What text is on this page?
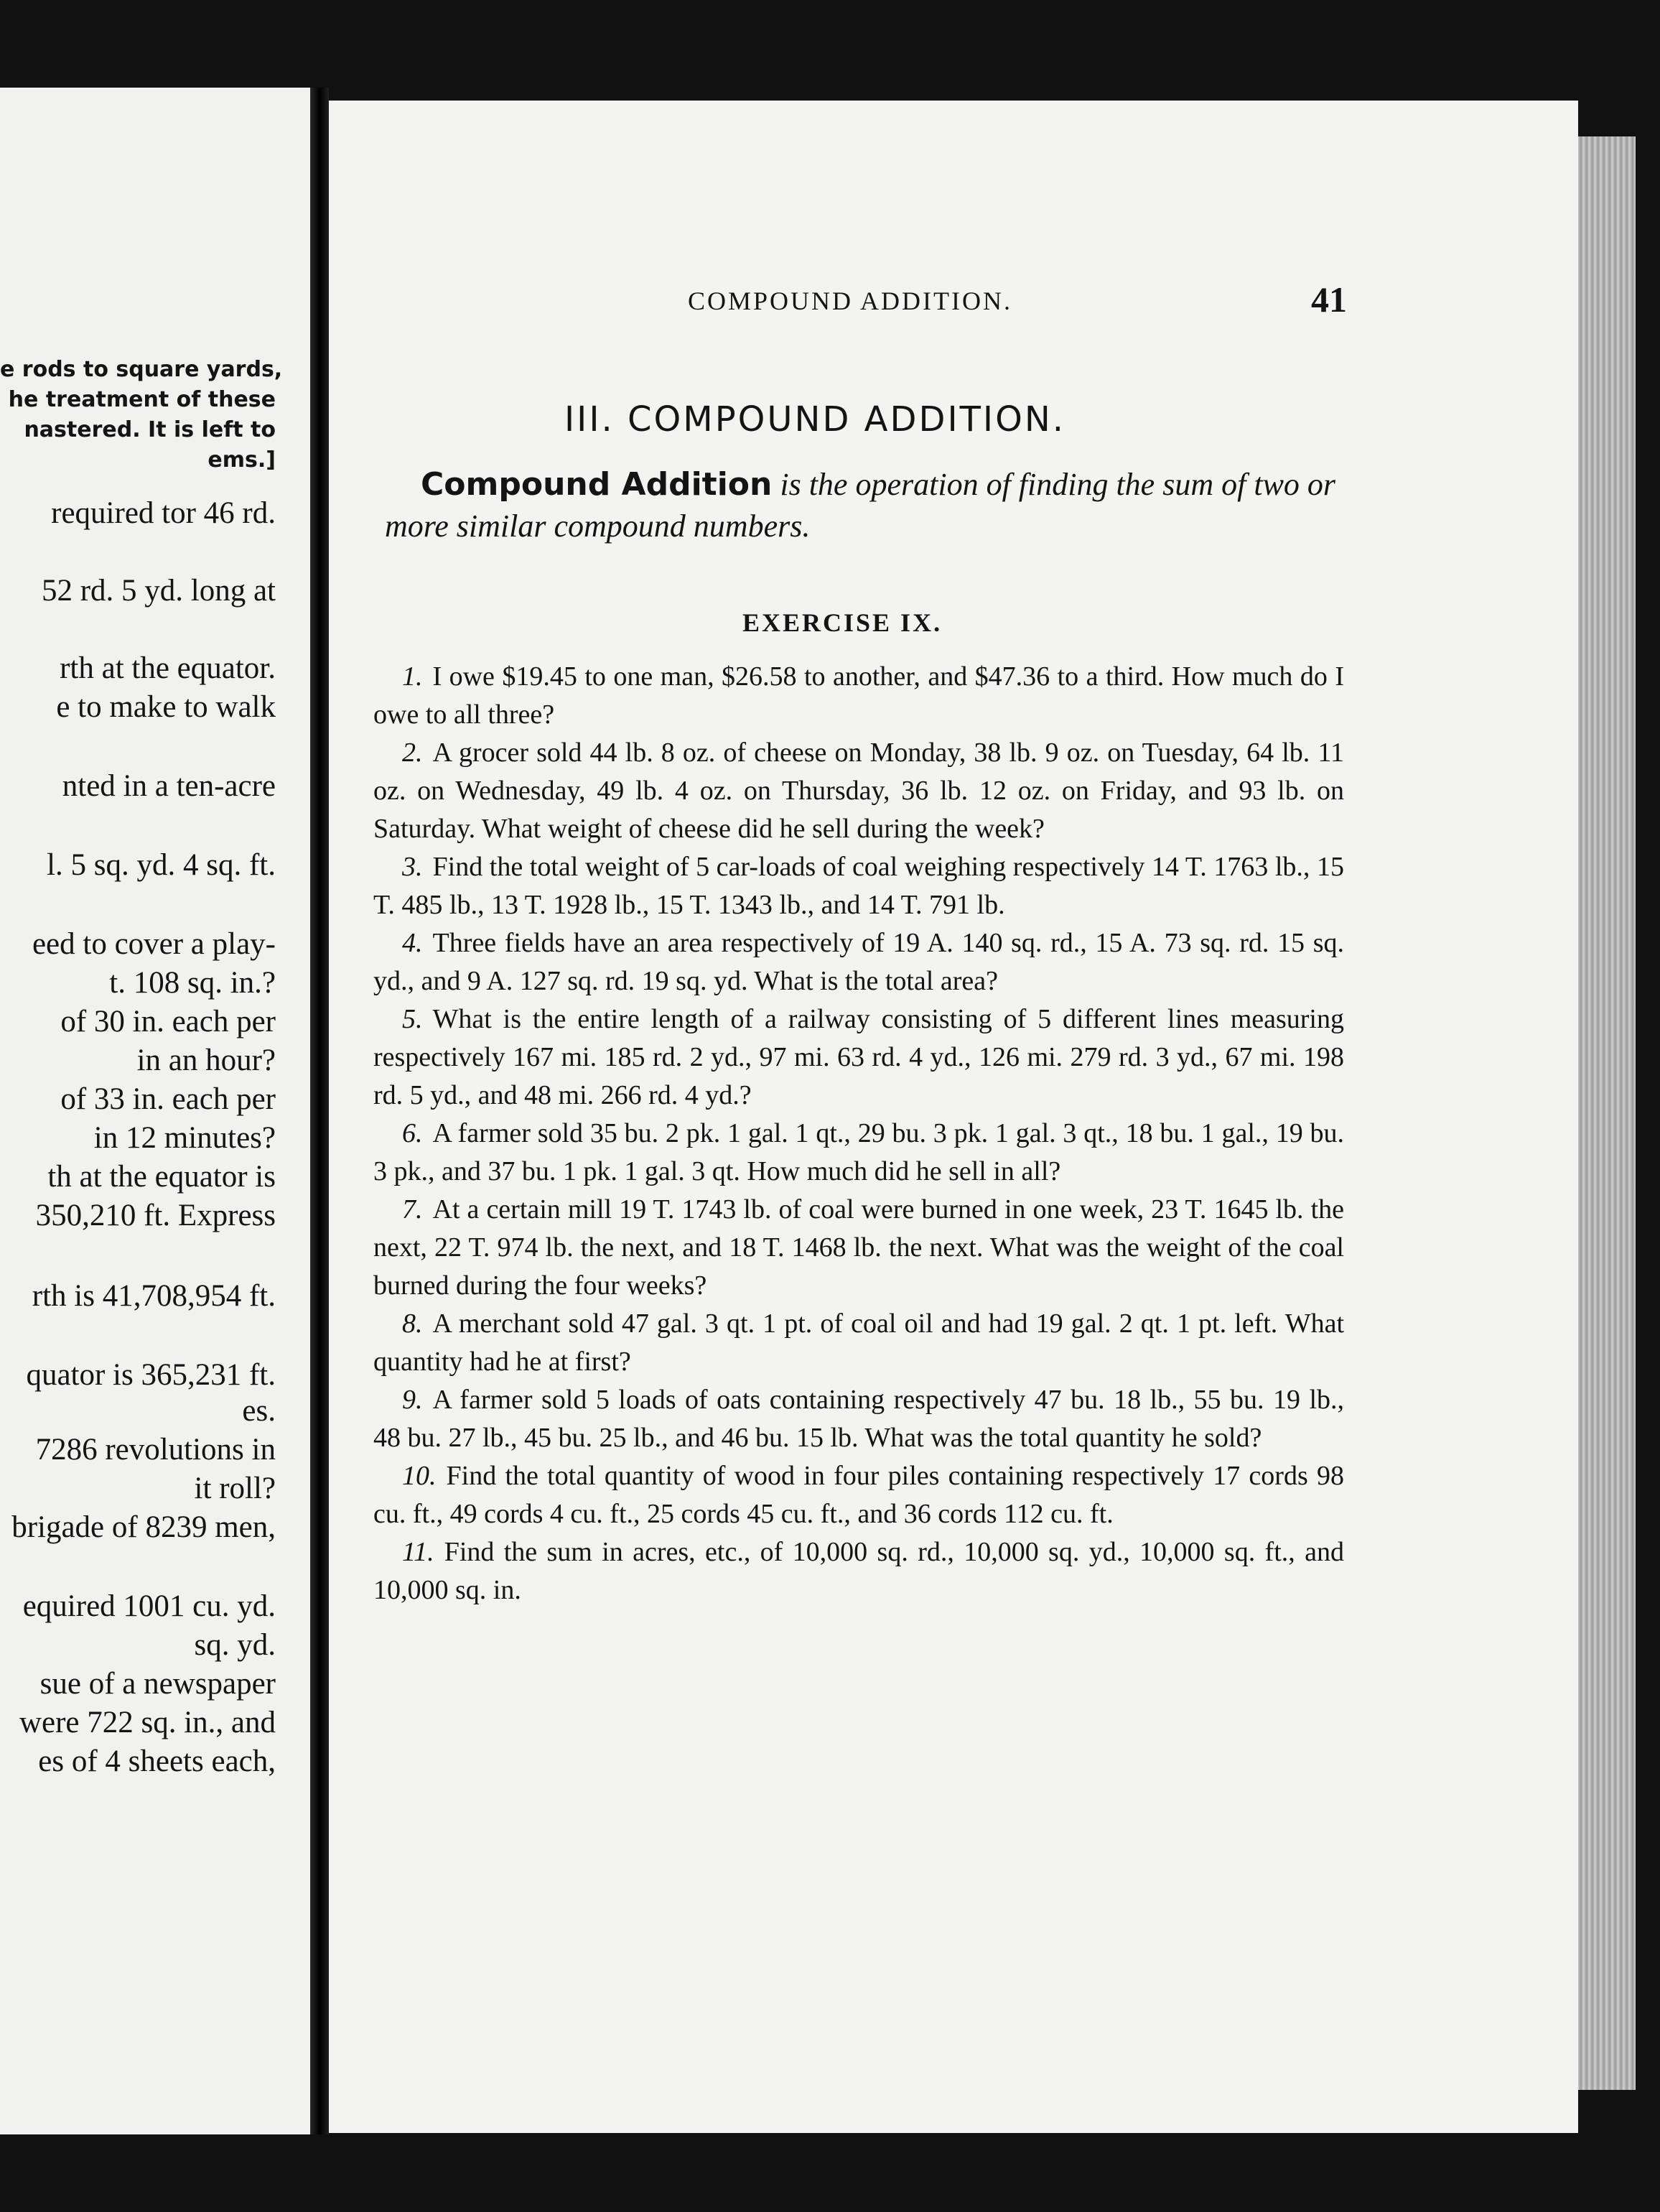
e rods to square yards,
he treatment of these
nastered. It is left to
ems.]
required tor 46 rd.
52 rd. 5 yd. long at
rth at the equator.
e to make to walk
nted in a ten-acre
l. 5 sq. yd. 4 sq. ft.
eed to cover a play-
t. 108 sq. in.?
of 30 in. each per
in an hour?
of 33 in. each per
in 12 minutes?
th at the equator is
350,210 ft. Express
rth is 41,708,954 ft.
quator is 365,231 ft.
es.
7286 revolutions in
it roll?
brigade of 8239 men,
equired 1001 cu. yd.
sq. yd.
sue of a newspaper
were 722 sq. in., and
es of 4 sheets each,
COMPOUND ADDITION.	41
III. COMPOUND ADDITION.
Compound Addition is the operation of finding the sum of two or more similar compound numbers.
EXERCISE IX.

1. I owe $19.45 to one man, $26.58 to another, and $47.36 to a third. How much do I owe to all three?

2. A grocer sold 44 lb. 8 oz. of cheese on Monday, 38 lb. 9 oz. on Tuesday, 64 lb. 11 oz. on Wednesday, 49 lb. 4 oz. on Thursday, 36 lb. 12 oz. on Friday, and 93 lb. on Saturday. What weight of cheese did he sell during the week?

3. Find the total weight of 5 car-loads of coal weighing respectively 14 T. 1763 lb., 15 T. 485 lb., 13 T. 1928 lb., 15 T. 1343 lb., and 14 T. 791 lb.

4. Three fields have an area respectively of 19 A. 140 sq. rd., 15 A. 73 sq. rd. 15 sq. yd., and 9 A. 127 sq. rd. 19 sq. yd. What is the total area?

5. What is the entire length of a railway consisting of 5 different lines measuring respectively 167 mi. 185 rd. 2 yd., 97 mi. 63 rd. 4 yd., 126 mi. 279 rd. 3 yd., 67 mi. 198 rd. 5 yd., and 48 mi. 266 rd. 4 yd.?

6. A farmer sold 35 bu. 2 pk. 1 gal. 1 qt., 29 bu. 3 pk. 1 gal. 3 qt., 18 bu. 1 gal., 19 bu. 3 pk., and 37 bu. 1 pk. 1 gal. 3 qt. How much did he sell in all?

7. At a certain mill 19 T. 1743 lb. of coal were burned in one week, 23 T. 1645 lb. the next, 22 T. 974 lb. the next, and 18 T. 1468 lb. the next. What was the weight of the coal burned during the four weeks?

8. A merchant sold 47 gal. 3 qt. 1 pt. of coal oil and had 19 gal. 2 qt. 1 pt. left. What quantity had he at first?

9. A farmer sold 5 loads of oats containing respectively 47 bu. 18 lb., 55 bu. 19 lb., 48 bu. 27 lb., 45 bu. 25 lb., and 46 bu. 15 lb. What was the total quantity he sold?

10. Find the total quantity of wood in four piles containing respectively 17 cords 98 cu. ft., 49 cords 4 cu. ft., 25 cords 45 cu. ft., and 36 cords 112 cu. ft.

11. Find the sum in acres, etc., of 10,000 sq. rd., 10,000 sq. yd., 10,000 sq. ft., and 10,000 sq. in.
